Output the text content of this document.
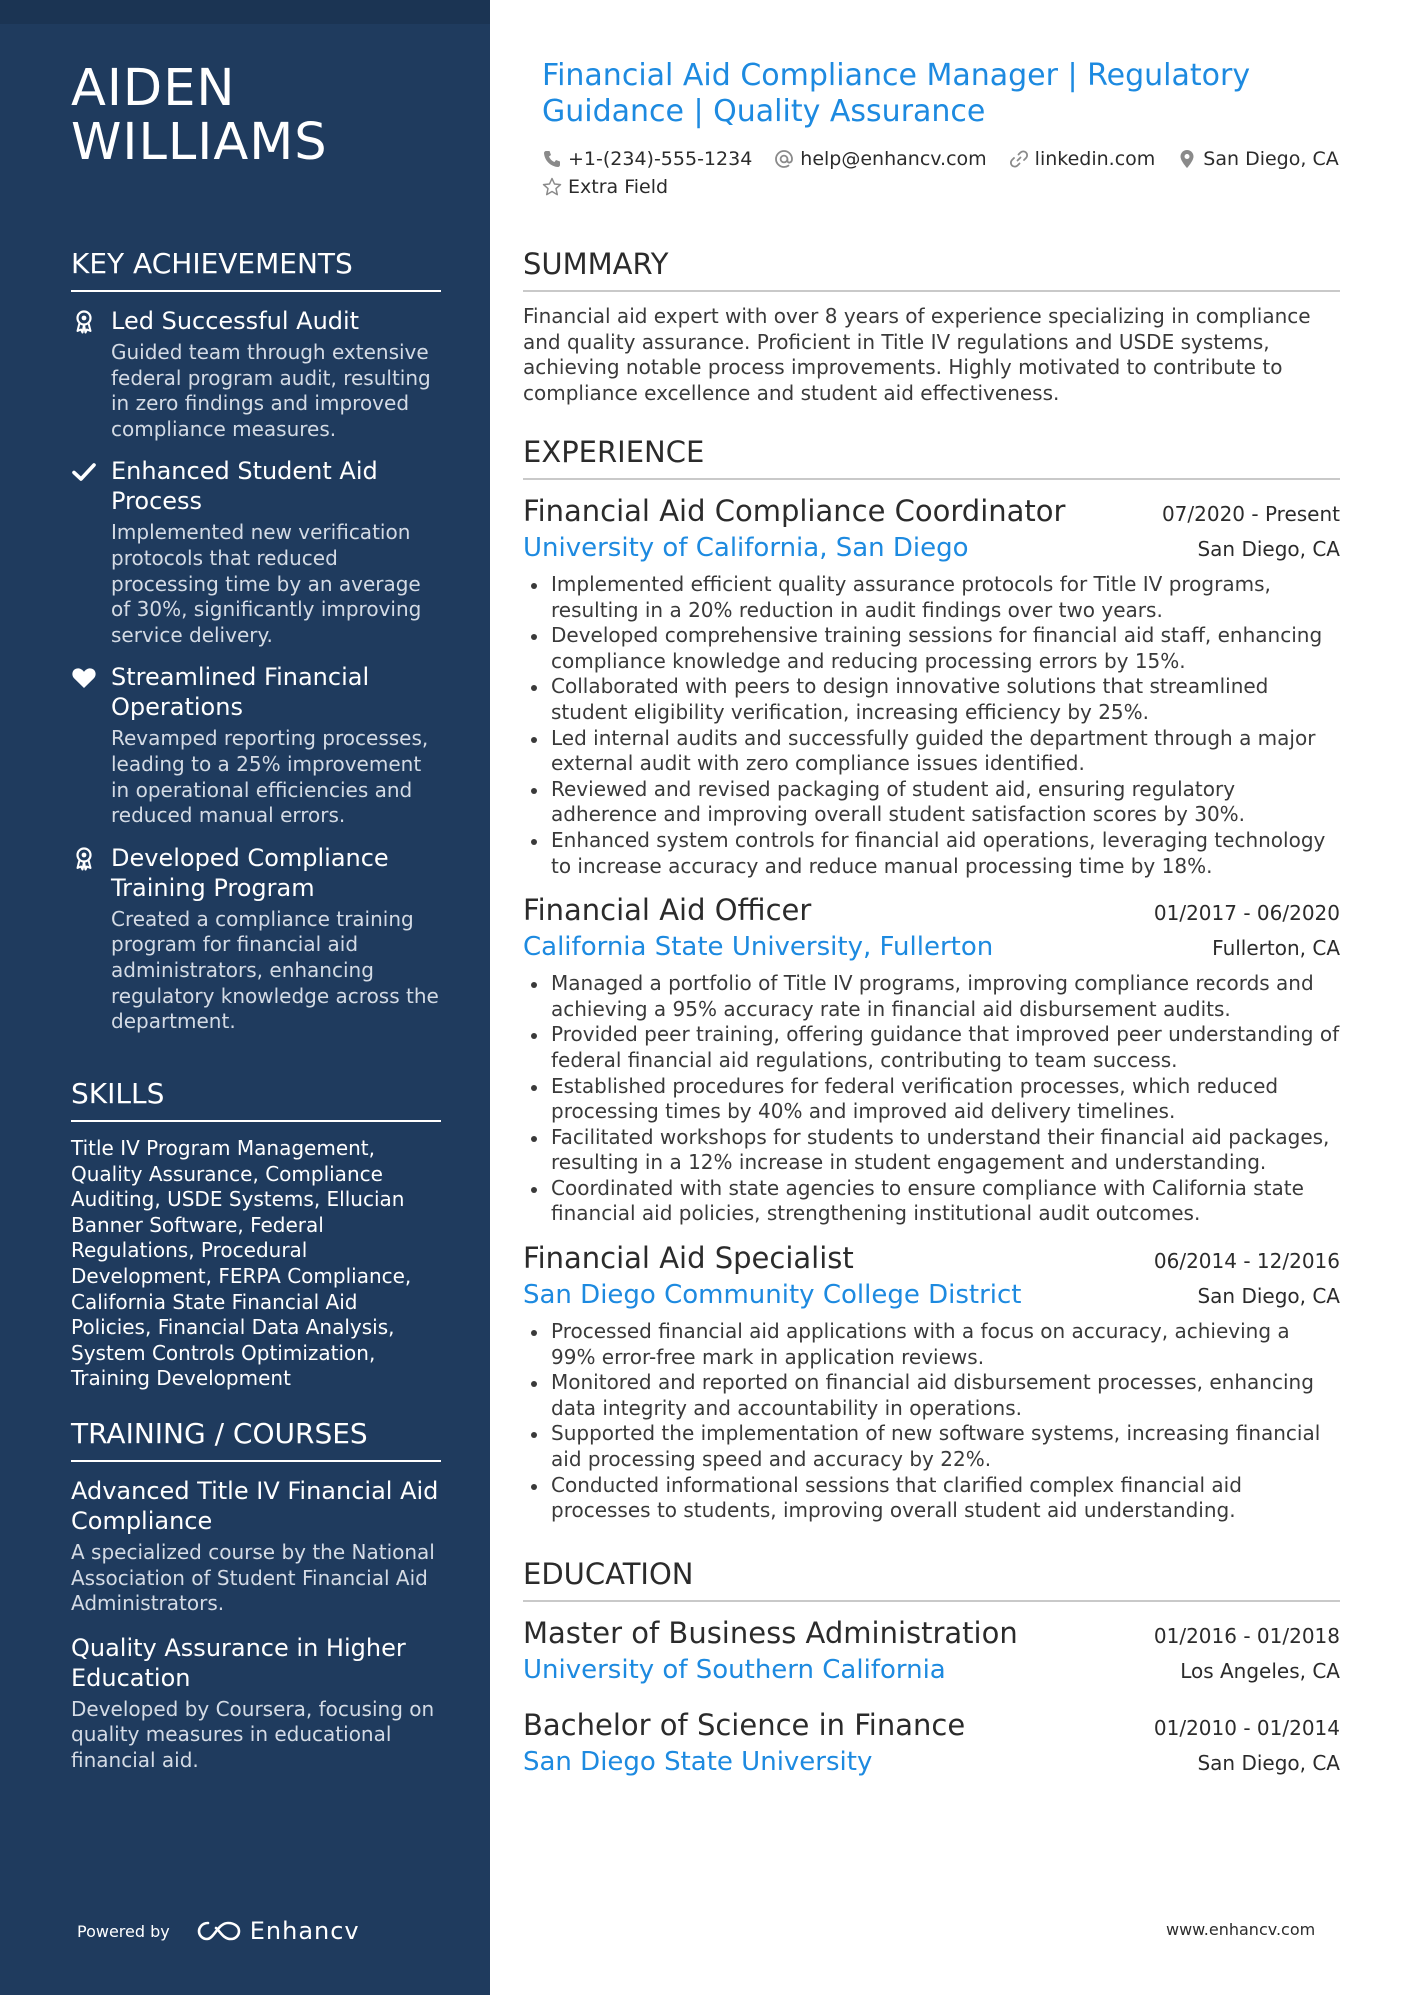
AIDEN WILLIAMS
KEY ACHIEVEMENTS
Led Successful Audit
Guided team through extensive federal program audit, resulting in zero findings and improved compliance measures.
Enhanced Student Aid Process
Implemented new verification protocols that reduced processing time by an average of 30%, significantly improving service delivery.
Streamlined Financial Operations
Revamped reporting processes, leading to a 25% improvement in operational efficiencies and reduced manual errors.
Developed Compliance Training Program
Created a compliance training program for financial aid administrators, enhancing regulatory knowledge across the department.
SKILLS
Title IV Program Management, Quality Assurance, Compliance Auditing, USDE Systems, Ellucian Banner Software, Federal Regulations, Procedural Development, FERPA Compliance, California State Financial Aid Policies, Financial Data Analysis, System Controls Optimization, Training Development
TRAINING / COURSES
Advanced Title IV Financial Aid Compliance
A specialized course by the National Association of Student Financial Aid Administrators.
Quality Assurance in Higher Education
Developed by Coursera, focusing on quality measures in educational financial aid.
Powered by	Enhancv
Financial Aid Compliance Manager | Regulatory Guidance | Quality Assurance
+1-(234)-555-1234	help@enhancv.com	linkedin.com	San Diego, CA
Extra Field
SUMMARY
Financial aid expert with over 8 years of experience specializing in compliance and quality assurance. Proficient in Title IV regulations and USDE systems, achieving notable process improvements. Highly motivated to contribute to compliance excellence and student aid effectiveness.
EXPERIENCE
Financial Aid Compliance Coordinator	07/2020 - Present
University of California, San Diego	San Diego, CA
Implemented efficient quality assurance protocols for Title IV programs, resulting in a 20% reduction in audit findings over two years.
Developed comprehensive training sessions for financial aid staff, enhancing compliance knowledge and reducing processing errors by 15%.
Collaborated with peers to design innovative solutions that streamlined student eligibility verification, increasing efficiency by 25%.
Led internal audits and successfully guided the department through a major external audit with zero compliance issues identified.
Reviewed and revised packaging of student aid, ensuring regulatory adherence and improving overall student satisfaction scores by 30%.
Enhanced system controls for financial aid operations, leveraging technology to increase accuracy and reduce manual processing time by 18%.
Financial Aid Officer	01/2017 - 06/2020
California State University, Fullerton	Fullerton, CA
Managed a portfolio of Title IV programs, improving compliance records and achieving a 95% accuracy rate in financial aid disbursement audits.
Provided peer training, offering guidance that improved peer understanding of federal financial aid regulations, contributing to team success.
Established procedures for federal verification processes, which reduced processing times by 40% and improved aid delivery timelines.
Facilitated workshops for students to understand their financial aid packages, resulting in a 12% increase in student engagement and understanding.
Coordinated with state agencies to ensure compliance with California state financial aid policies, strengthening institutional audit outcomes.
Financial Aid Specialist	06/2014 - 12/2016
San Diego Community College District	San Diego, CA
Processed financial aid applications with a focus on accuracy, achieving a 99% error-free mark in application reviews.
Monitored and reported on financial aid disbursement processes, enhancing data integrity and accountability in operations.
Supported the implementation of new software systems, increasing financial aid processing speed and accuracy by 22%.
Conducted informational sessions that clarified complex financial aid processes to students, improving overall student aid understanding.
EDUCATION
Master of Business Administration	01/2016 - 01/2018
University of Southern California	Los Angeles, CA
Bachelor of Science in Finance	01/2010 - 01/2014
San Diego State University	San Diego, CA
www.enhancv.com
